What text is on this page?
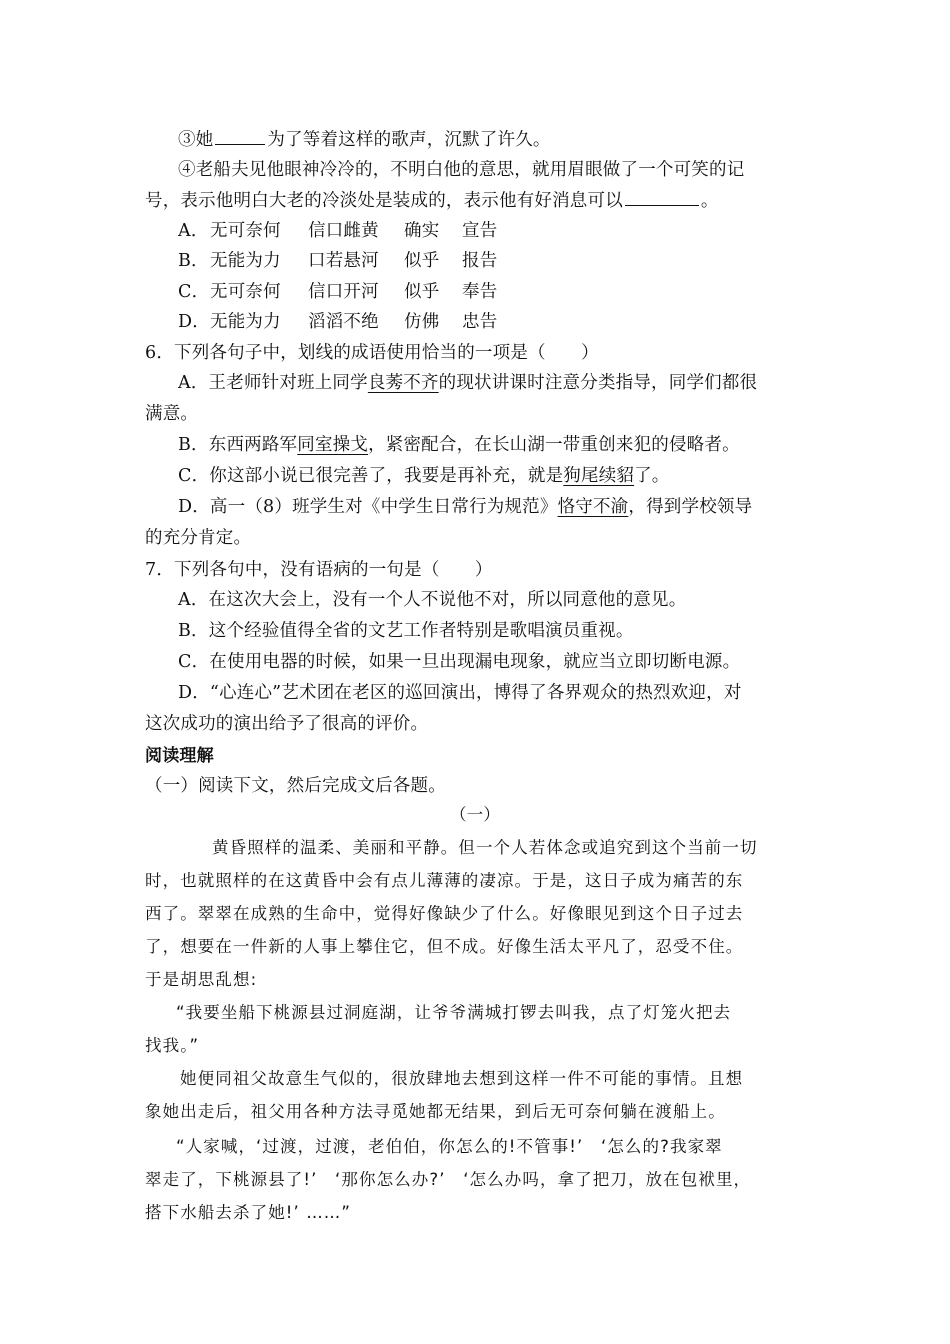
③她	为了等着这样的歌声，沉默了许久。
④老船夫见他眼神冷冷的，不明白他的意思，就用眉眼做了一个可笑的记
号，表示他明白大老的冷淡处是装成的，表示他有好消息可以	。
A．无可奈何 信口雌黄 确实 宣告
B．无能为力 口若悬河 似乎 报告
C．无可奈何 信口开河 似乎 奉告
D．无能为力 滔滔不绝 仿佛 忠告
6．下列各句子中，划线的成语使用恰当的一项是（　　）
A．王老师针对班上同学良莠不齐的现状讲课时注意分类指导，同学们都很
满意。
B．东西两路军同室操戈，紧密配合，在长山湖一带重创来犯的侵略者。
C．你这部小说已很完善了，我要是再补充，就是狗尾续貂了。
D．高一（8）班学生对《中学生日常行为规范》恪守不渝，得到学校领导
的充分肯定。
7．下列各句中，没有语病的一句是（　　）
A．在这次大会上，没有一个人不说他不对，所以同意他的意见。
B．这个经验值得全省的文艺工作者特别是歌唱演员重视。
C．在使用电器的时候，如果一旦出现漏电现象，就应当立即切断电源。
D．“心连心”艺术团在老区的巡回演出，博得了各界观众的热烈欢迎，对
这次成功的演出给予了很高的评价。
阅读理解
（一）阅读下文，然后完成文后各题。
（一）
黄昏照样的温柔、美丽和平静。但一个人若体念或追究到这个当前一切
时，也就照样的在这黄昏中会有点儿薄薄的凄凉。于是，这日子成为痛苦的东
西了。翠翠在成熟的生命中，觉得好像缺少了什么。好像眼见到这个日子过去
了，想要在一件新的人事上攀住它，但不成。好像生活太平凡了，忍受不住。
于是胡思乱想:
“我要坐船下桃源县过洞庭湖，让爷爷满城打锣去叫我，点了灯笼火把去
找我。”
她便同祖父故意生气似的，很放肆地去想到这样一件不可能的事情。且想
象她出走后，祖父用各种方法寻觅她都无结果，到后无可奈何躺在渡船上。
“人家喊，‘过渡，过渡，老伯伯，你怎么的!不管事!’　‘怎么的?我家翠
翠走了，下桃源县了!’　‘那你怎么办?’　‘怎么办吗，拿了把刀，放在包袱里，
搭下水船去杀了她!’ ……”
